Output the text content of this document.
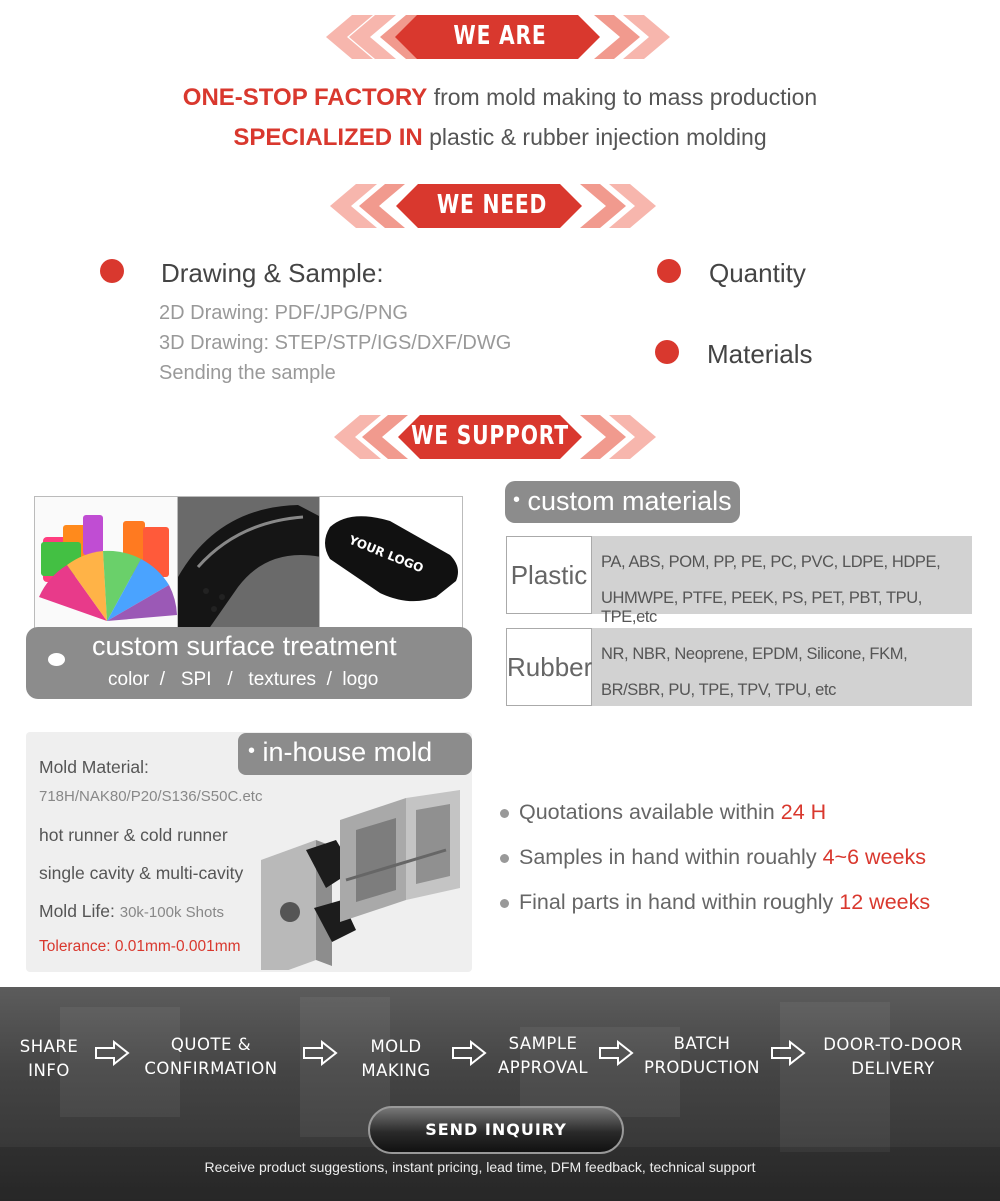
WE ARE
ONE-STOP FACTORY from mold making to mass production
SPECIALIZED IN plastic & rubber injection molding
WE NEED
Drawing & Sample:
2D Drawing: PDF/JPG/PNG
3D Drawing: STEP/STP/IGS/DXF/DWG
Sending the sample
Quantity
Materials
WE SUPPORT
YOUR LOGO
custom surface treatment
color  /   SPI   /   textures  /  logo
• custom materials
Plastic PA, ABS, POM, PP, PE, PC, PVC, LDPE, HDPE,
UHMWPE, PTFE, PEEK, PS, PET, PBT, TPU, TPE,etc
Rubber NR, NBR, Neoprene, EPDM, Silicone, FKM,
BR/SBR, PU, TPE, TPV, TPU, etc
Mold Material:
718H/NAK80/P20/S136/S50C.etc
hot runner & cold runner
single cavity & multi-cavity
Mold Life: 30k-100k Shots
Tolerance: 0.01mm-0.001mm
• in-house mold
Quotations available within 24 H
Samples in hand within rouahly 4~6 weeks
Final parts in hand within roughly 12 weeks
SHARE
INFO
QUOTE &
CONFIRMATION
MOLD
MAKING
SAMPLE
APPROVAL
BATCH
PRODUCTION
DOOR-TO-DOOR
DELIVERY
SEND INQUIRY
Receive product suggestions, instant pricing, lead time, DFM feedback, technical support
